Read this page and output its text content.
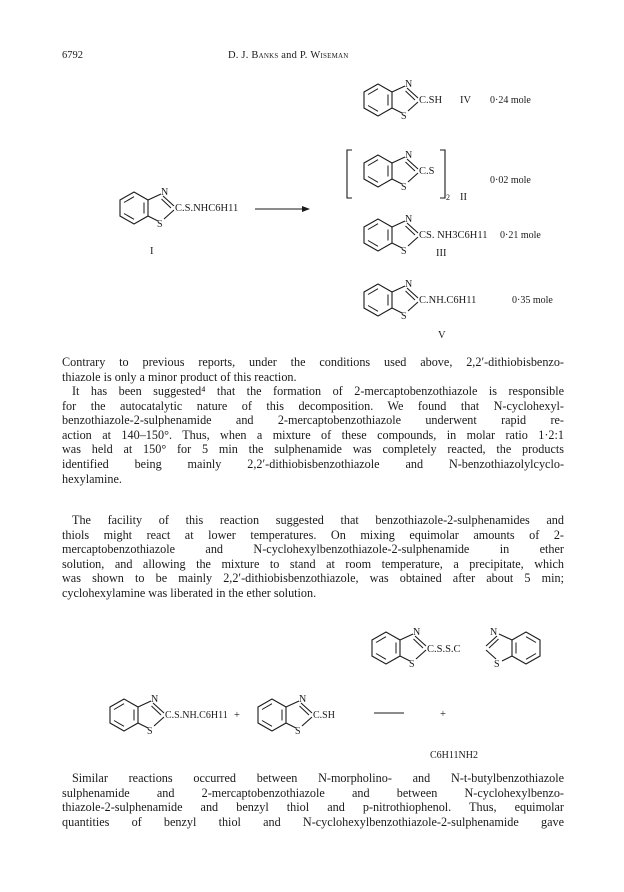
6792	D. J. Banks and P. Wiseman
N
S
C.S.NHC6H11
I
N
S
C.SH IV 0·24 mole
N
S
C.S
2 II
0·02 mole
N
S
CS. NH3C6H11
III
0·21 mole
N
S
C.NH.C6H11	0·35 mole
V
Contrary to previous reports, under the conditions used above, 2,2′-dithiobisbenzo-
thiazole is only a minor product of this reaction.
It has been suggested⁴ that the formation of 2-mercaptobenzothiazole is responsible
for the autocatalytic nature of this decomposition. We found that N-cyclohexyl-
benzothiazole-2-sulphenamide and 2-mercaptobenzothiazole underwent rapid re-
action at 140–150°. Thus, when a mixture of these compounds, in molar ratio 1·2:1
was held at 150° for 5 min the sulphenamide was completely reacted, the products
identified being mainly 2,2′-dithiobisbenzothiazole and N-benzothiazolylcyclo-
hexylamine.
The facility of this reaction suggested that benzothiazole-2-sulphenamides and
thiols might react at lower temperatures. On mixing equimolar amounts of 2-
mercaptobenzothiazole and N-cyclohexylbenzothiazole-2-sulphenamide in ether
solution, and allowing the mixture to stand at room temperature, a precipitate, which
was shown to be mainly 2,2′-dithiobisbenzothiazole, was obtained after about 5 min;
cyclohexylamine was liberated in the ether solution.
N
S
C.S.S.C
N
S
N
S
C.S.NH.C6H11 +
N
S
C.SH	+
C6H11NH2
Similar reactions occurred between N-morpholino- and N-t-butylbenzothiazole
sulphenamide and 2-mercaptobenzothiazole and between N-cyclohexylbenzo-
thiazole-2-sulphenamide and benzyl thiol and p-nitrothiophenol. Thus, equimolar
quantities of benzyl thiol and N-cyclohexylbenzothiazole-2-sulphenamide gave
